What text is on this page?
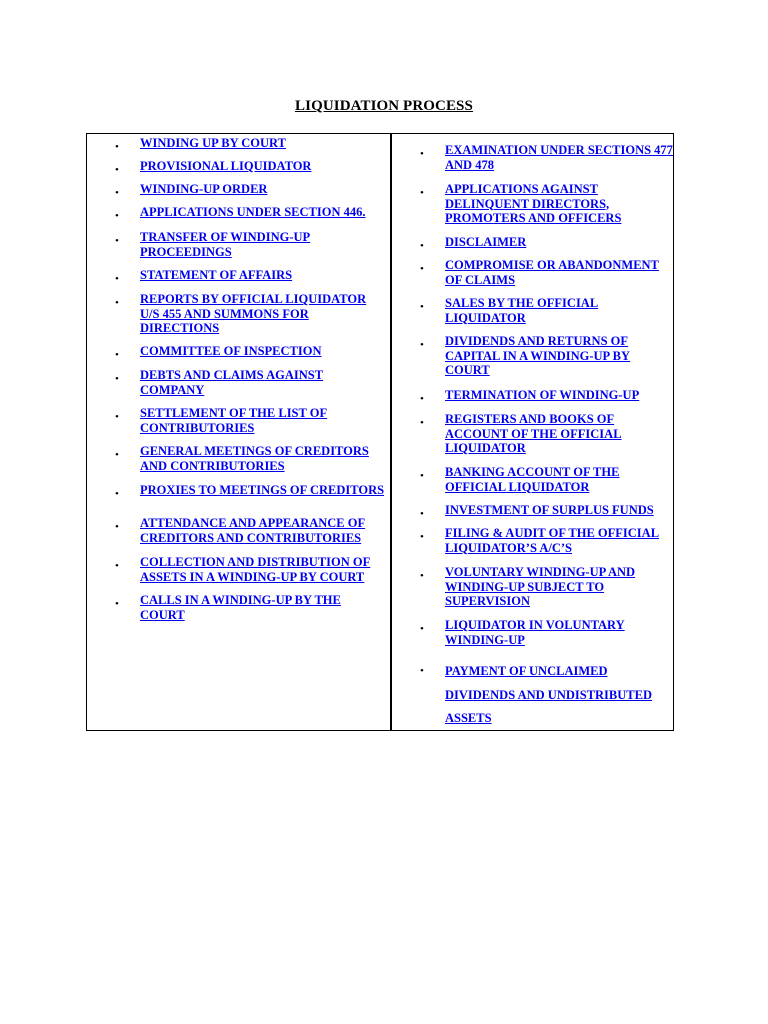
LIQUIDATION PROCESS
• WINDING UP BY COURT
• PROVISIONAL LIQUIDATOR
• WINDING-UP ORDER
• APPLICATIONS UNDER SECTION 446.
• TRANSFER OF WINDING-UP PROCEEDINGS
• STATEMENT OF AFFAIRS
• REPORTS BY OFFICIAL LIQUIDATOR U/S 455 AND SUMMONS FOR DIRECTIONS
• COMMITTEE OF INSPECTION
• DEBTS AND CLAIMS AGAINST COMPANY
• SETTLEMENT OF THE LIST OF CONTRIBUTORIES
• GENERAL MEETINGS OF CREDITORS AND CONTRIBUTORIES
• PROXIES TO MEETINGS OF CREDITORS
• ATTENDANCE AND APPEARANCE OF CREDITORS AND CONTRIBUTORIES
• COLLECTION AND DISTRIBUTION OF ASSETS IN A WINDING-UP BY COURT
• CALLS IN A WINDING-UP BY THE COURT
• EXAMINATION UNDER SECTIONS 477 AND 478
• APPLICATIONS AGAINST DELINQUENT DIRECTORS, PROMOTERS AND OFFICERS
• DISCLAIMER
• COMPROMISE OR ABANDONMENT OF CLAIMS
• SALES BY THE OFFICIAL LIQUIDATOR
• DIVIDENDS AND RETURNS OF CAPITAL IN A WINDING-UP BY COURT
• TERMINATION OF WINDING-UP
• REGISTERS AND BOOKS OF ACCOUNT OF THE OFFICIAL LIQUIDATOR
• BANKING ACCOUNT OF THE OFFICIAL LIQUIDATOR
• INVESTMENT OF SURPLUS FUNDS
• FILING & AUDIT OF THE OFFICIAL LIQUIDATOR’S A/C’S
• VOLUNTARY WINDING-UP AND WINDING-UP SUBJECT TO SUPERVISION
• LIQUIDATOR IN VOLUNTARY WINDING-UP
• PAYMENT OF UNCLAIMED DIVIDENDS AND UNDISTRIBUTED ASSETS
